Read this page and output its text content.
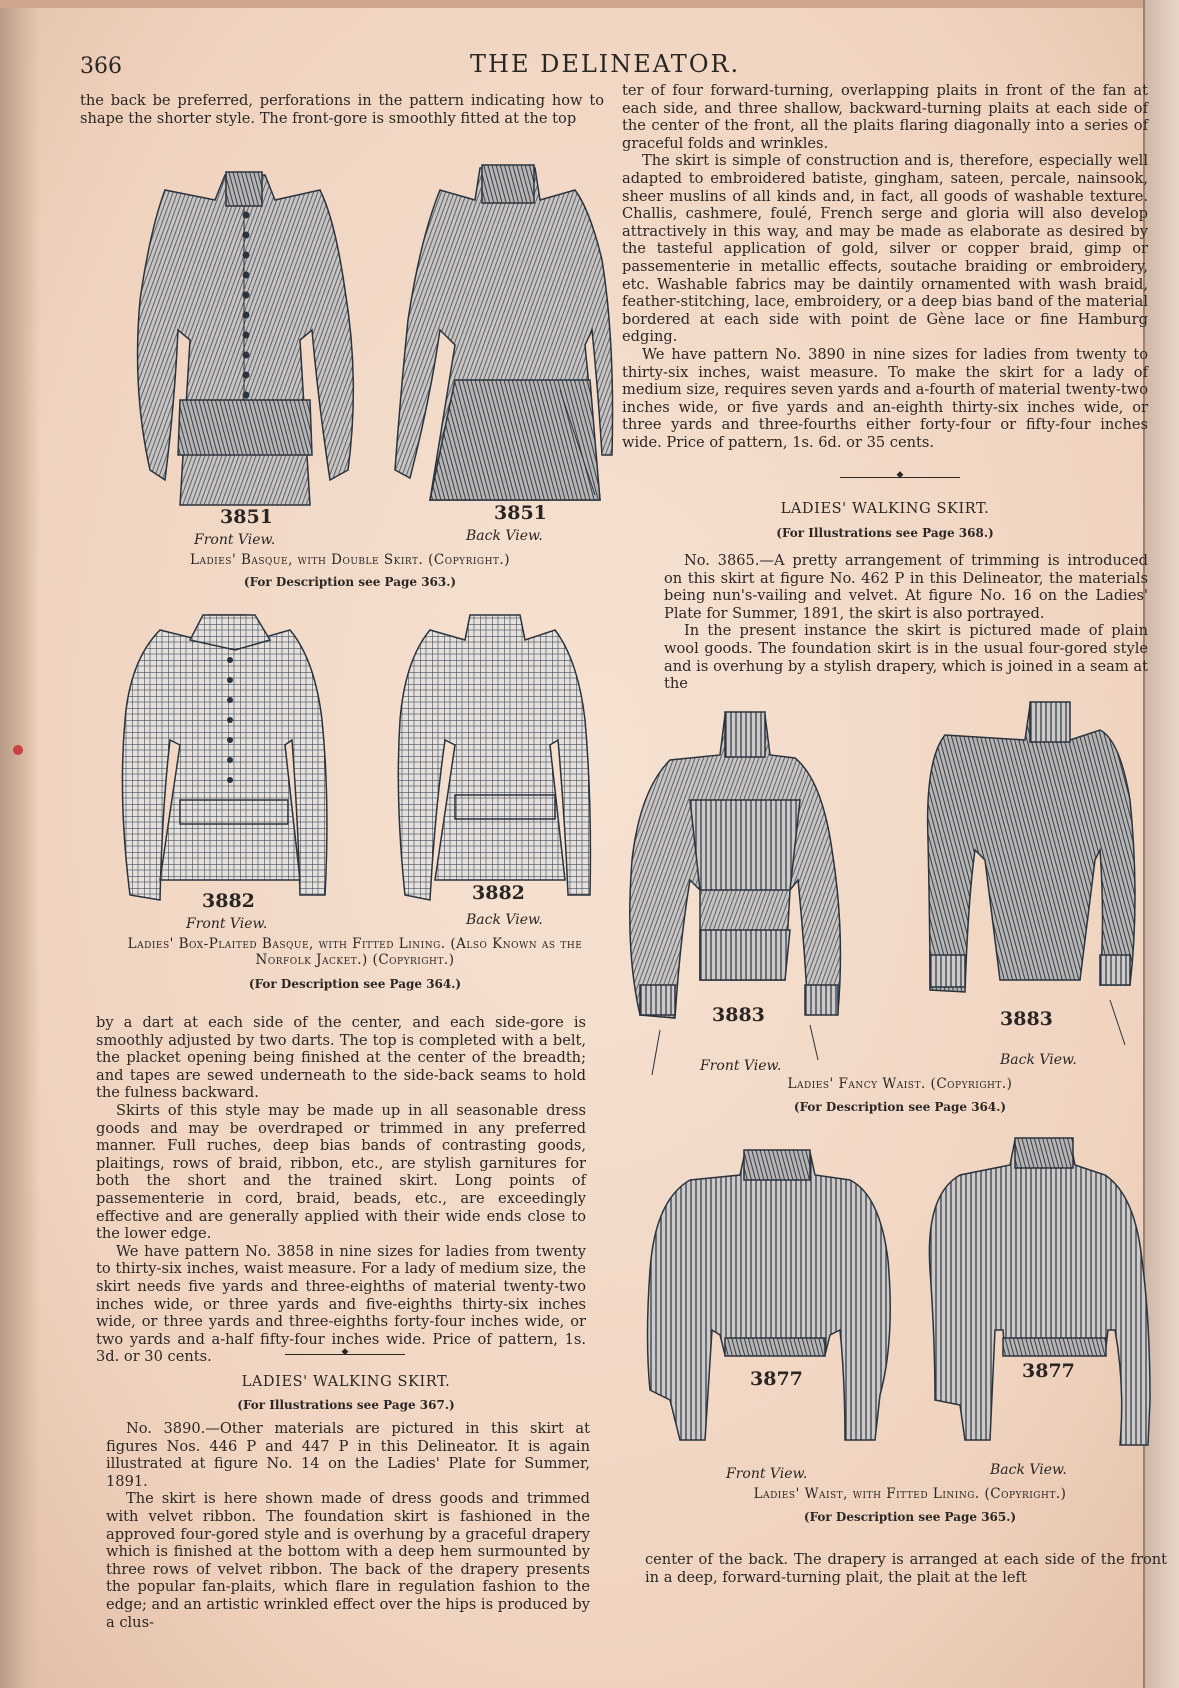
366	THE DELINEATOR.

the back be preferred, perforations in the pattern indicating how to shape the shorter style. The front-gore is smoothly fitted at the top

ter of four forward-turning, overlapping plaits in front of the fan at each side, and three shallow, backward-turning plaits at each side of the center of the front, all the plaits flaring diagonally into a series of graceful folds and wrinkles.

The skirt is simple of construction and is, therefore, especially well adapted to embroidered batiste, gingham, sateen, percale, nainsook, sheer muslins of all kinds and, in fact, all goods of washable texture. Challis, cashmere, foulé, French serge and gloria will also develop attractively in this way, and may be made as elaborate as desired by the tasteful application of gold, silver or copper braid, gimp or passementerie in metallic effects, soutache braiding or embroidery, etc. Washable fabrics may be daintily ornamented with wash braid, feather-stitching, lace, embroidery, or a deep bias band of the material bordered at each side with point de Gène lace or fine Hamburg edging.

We have pattern No. 3890 in nine sizes for ladies from twenty to thirty-six inches, waist measure. To make the skirt for a lady of medium size, requires seven yards and a-fourth of material twenty-two inches wide, or five yards and an-eighth thirty-six inches wide, or three yards and three-fourths either forty-four or fifty-four inches wide. Price of pattern, 1s. 6d. or 35 cents.

◆
LADIES' WALKING SKIRT.
(For Illustrations see Page 368.)

No. 3865.—A pretty arrangement of trimming is introduced on this skirt at figure No. 462 P in this Delineator, the materials being nun's-vailing and velvet. At figure No. 16 on the Ladies' Plate for Summer, 1891, the skirt is also portrayed.

In the present instance the skirt is pictured made of plain wool goods. The foundation skirt is in the usual four-gored style and is overhung by a stylish drapery, which is joined in a seam at the

3851	3851
Front View.	Back View.
Ladies' Basque, with Double Skirt. (Copyright.)
(For Description see Page 363.)
3882	3882
Front View.	Back View.
Ladies' Box-Plaited Basque, with Fitted Lining. (Also Known as the Norfolk Jacket.) (Copyright.)
(For Description see Page 364.)

by a dart at each side of the center, and each side-gore is smoothly adjusted by two darts. The top is completed with a belt, the placket opening being finished at the center of the breadth; and tapes are sewed underneath to the side-back seams to hold the fulness backward.

Skirts of this style may be made up in all seasonable dress goods and may be overdraped or trimmed in any preferred manner. Full ruches, deep bias bands of contrasting goods, plaitings, rows of braid, ribbon, etc., are stylish garnitures for both the short and the trained skirt. Long points of passementerie in cord, braid, beads, etc., are exceedingly effective and are generally applied with their wide ends close to the lower edge.

We have pattern No. 3858 in nine sizes for ladies from twenty to thirty-six inches, waist measure. For a lady of medium size, the skirt needs five yards and three-eighths of material twenty-two inches wide, or three yards and five-eighths thirty-six inches wide, or three yards and three-eighths forty-four inches wide, or two yards and a-half fifty-four inches wide. Price of pattern, 1s. 3d. or 30 cents.

◆
LADIES' WALKING SKIRT.
(For Illustrations see Page 367.)

No. 3890.—Other materials are pictured in this skirt at figures Nos. 446 P and 447 P in this Delineator. It is again illustrated at figure No. 14 on the Ladies' Plate for Summer, 1891.

The skirt is here shown made of dress goods and trimmed with velvet ribbon. The foundation skirt is fashioned in the approved four-gored style and is overhung by a graceful drapery which is finished at the bottom with a deep hem surmounted by three rows of velvet ribbon. The back of the drapery presents the popular fan-plaits, which flare in regulation fashion to the edge; and an artistic wrinkled effect over the hips is produced by a clus-

3883	3883
Front View.	Back View.
Ladies' Fancy Waist. (Copyright.)
(For Description see Page 364.)
3877	3877
Front View.	Back View.
Ladies' Waist, with Fitted Lining. (Copyright.)
(For Description see Page 365.)

center of the back. The drapery is arranged at each side of the front in a deep, forward-turning plait, the plait at the left
